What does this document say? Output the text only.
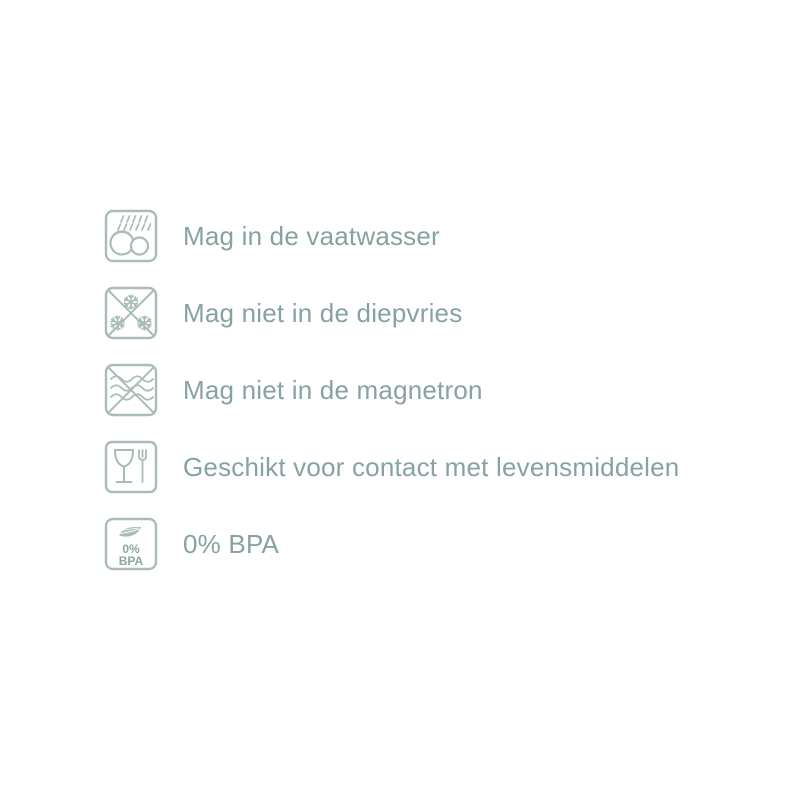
Mag in de vaatwasser
Mag niet in de diepvries
Mag niet in de magnetron
Geschikt voor contact met levensmiddelen
0%
BPA
0% BPA
